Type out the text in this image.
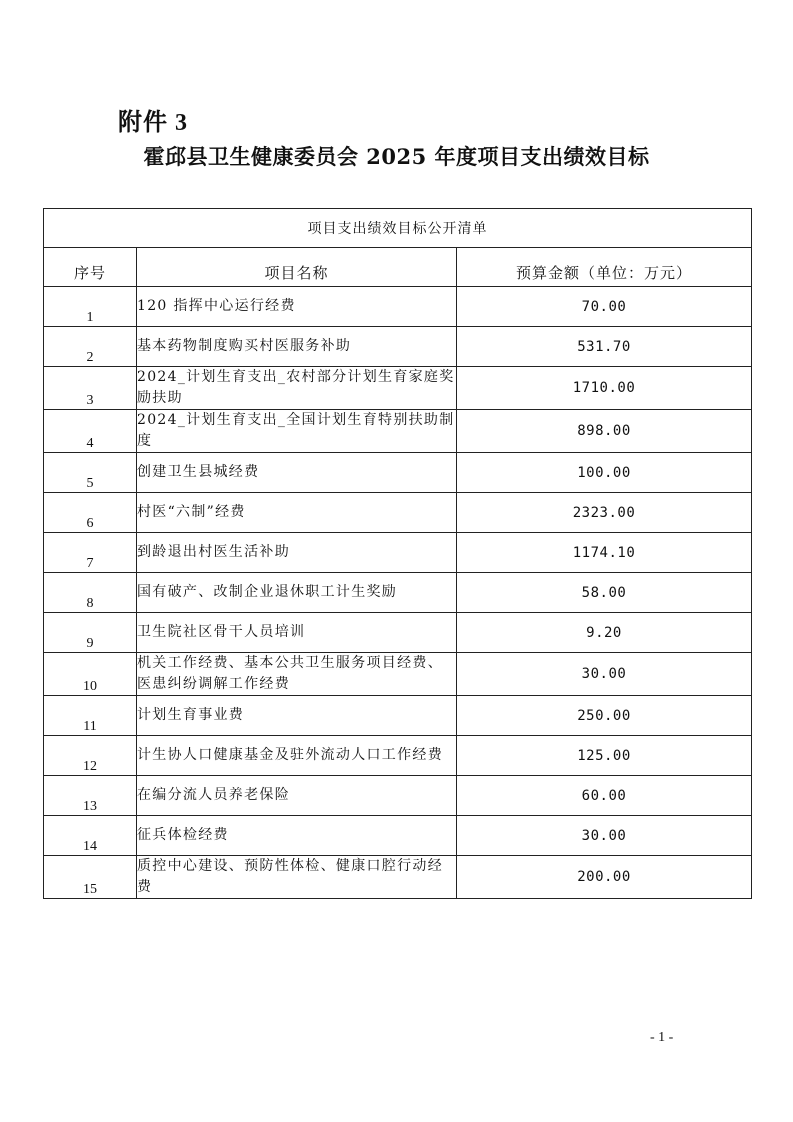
附件 3
霍邱县卫生健康委员会 2025 年度项目支出绩效目标
项目支出绩效目标公开清单		
序号	项目名称	预算金额（单位：万元）
1	120 指挥中心运行经费	70.00
2	基本药物制度购买村医服务补助	531.70
3	2024_计划生育支出_农村部分计划生育家庭奖励扶助	1710.00
4	2024_计划生育支出_全国计划生育特别扶助制度	898.00
5	创建卫生县城经费	100.00
6	村医“六制”经费	2323.00
7	到龄退出村医生活补助	1174.10
8	国有破产、改制企业退休职工计生奖励	58.00
9	卫生院社区骨干人员培训	9.20
10	机关工作经费、基本公共卫生服务项目经费、医患纠纷调解工作经费	30.00
11	计划生育事业费	250.00
12	计生协人口健康基金及驻外流动人口工作经费	125.00
13	在编分流人员养老保险	60.00
14	征兵体检经费	30.00
15	质控中心建设、预防性体检、健康口腔行动经费	200.00
- 1 -
